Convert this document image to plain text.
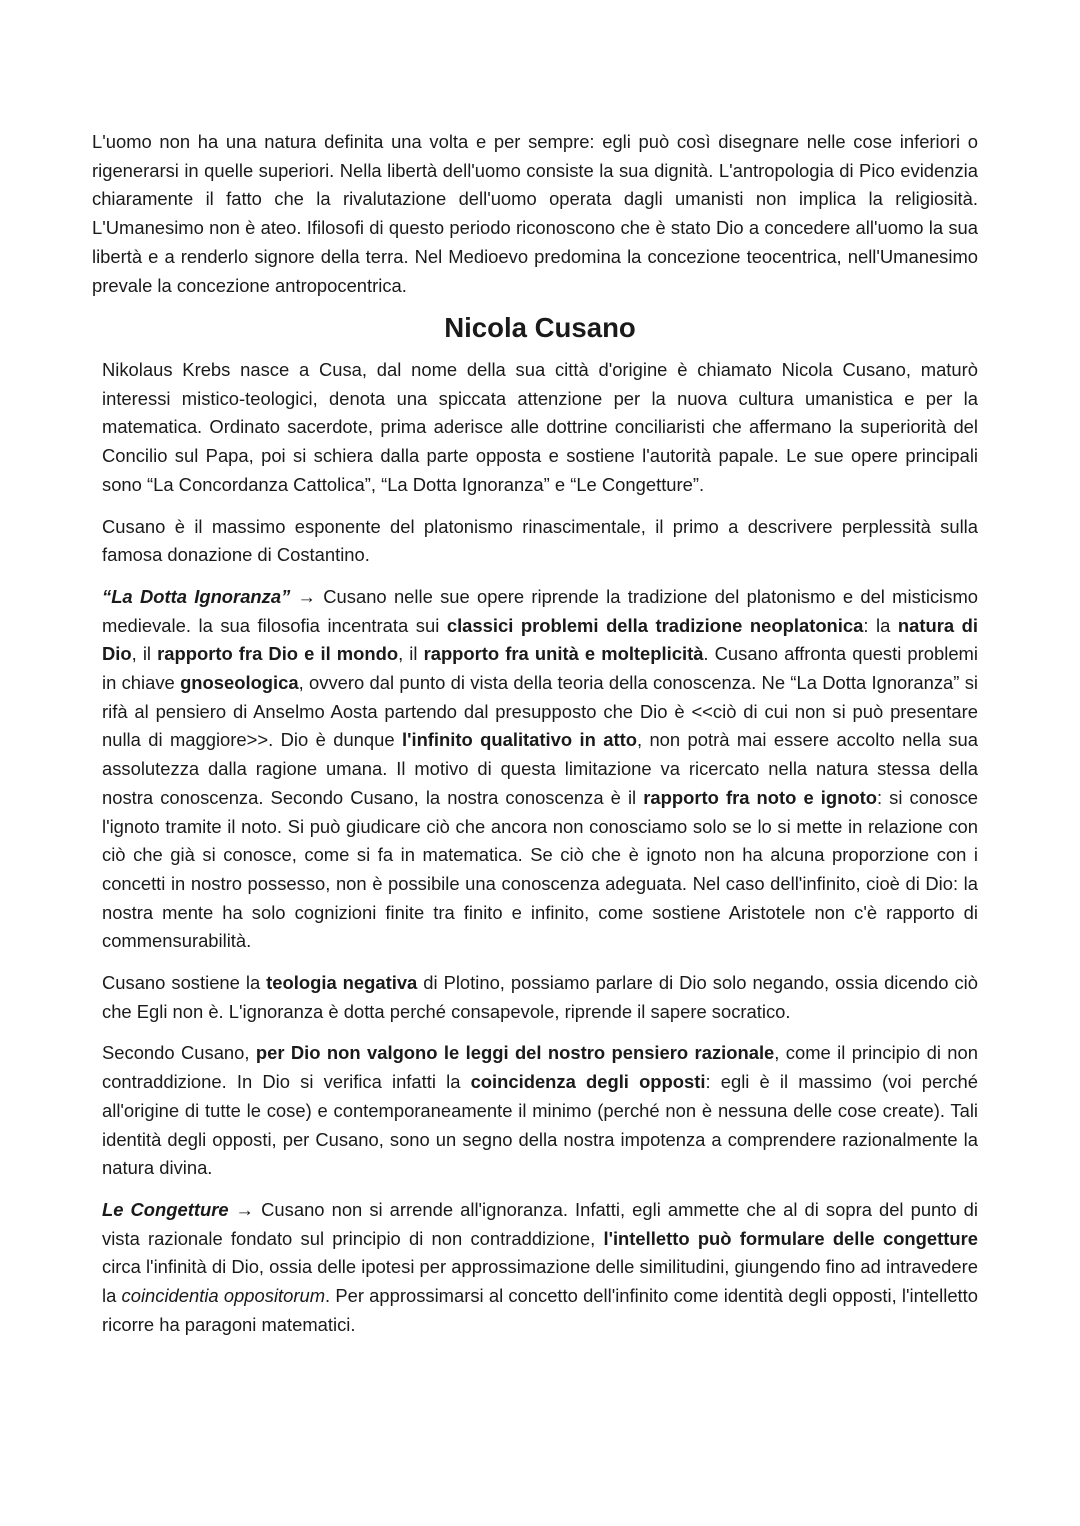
L'uomo non ha una natura definita una volta e per sempre: egli può così disegnare nelle cose inferiori o rigenerarsi in quelle superiori. Nella libertà dell'uomo consiste la sua dignità. L'antropologia di Pico evidenzia chiaramente il fatto che la rivalutazione dell'uomo operata dagli umanisti non implica la religiosità. L'Umanesimo non è ateo. Ifilosofi di questo periodo riconoscono che è stato Dio a concedere all'uomo la sua libertà e a renderlo signore della terra. Nel Medioevo predomina la concezione teocentrica, nell'Umanesimo prevale la concezione antropocentrica.

Nicola Cusano

Nikolaus Krebs nasce a Cusa, dal nome della sua città d'origine è chiamato Nicola Cusano, maturò interessi mistico-teologici, denota una spiccata attenzione per la nuova cultura umanistica e per la matematica. Ordinato sacerdote, prima aderisce alle dottrine conciliaristi che affermano la superiorità del Concilio sul Papa, poi si schiera dalla parte opposta e sostiene l'autorità papale. Le sue opere principali sono “La Concordanza Cattolica”, “La Dotta Ignoranza” e “Le Congetture”.

Cusano è il massimo esponente del platonismo rinascimentale, il primo a descrivere perplessità sulla famosa donazione di Costantino.

“La Dotta Ignoranza” → Cusano nelle sue opere riprende la tradizione del platonismo e del misticismo medievale. la sua filosofia incentrata sui classici problemi della tradizione neoplatonica: la natura di Dio, il rapporto fra Dio e il mondo, il rapporto fra unità e molteplicità. Cusano affronta questi problemi in chiave gnoseologica, ovvero dal punto di vista della teoria della conoscenza. Ne “La Dotta Ignoranza” si rifà al pensiero di Anselmo Aosta partendo dal presupposto che Dio è <<ciò di cui non si può presentare nulla di maggiore>>. Dio è dunque l'infinito qualitativo in atto, non potrà mai essere accolto nella sua assolutezza dalla ragione umana. Il motivo di questa limitazione va ricercato nella natura stessa della nostra conoscenza. Secondo Cusano, la nostra conoscenza è il rapporto fra noto e ignoto: si conosce l'ignoto tramite il noto. Si può giudicare ciò che ancora non conosciamo solo se lo si mette in relazione con ciò che già si conosce, come si fa in matematica. Se ciò che è ignoto non ha alcuna proporzione con i concetti in nostro possesso, non è possibile una conoscenza adeguata. Nel caso dell'infinito, cioè di Dio: la nostra mente ha solo cognizioni finite tra finito e infinito, come sostiene Aristotele non c'è rapporto di commensurabilità.

Cusano sostiene la teologia negativa di Plotino, possiamo parlare di Dio solo negando, ossia dicendo ciò che Egli non è. L'ignoranza è dotta perché consapevole, riprende il sapere socratico.

Secondo Cusano, per Dio non valgono le leggi del nostro pensiero razionale, come il principio di non contraddizione. In Dio si verifica infatti la coincidenza degli opposti: egli è il massimo (voi perché all'origine di tutte le cose) e contemporaneamente il minimo (perché non è nessuna delle cose create). Tali identità degli opposti, per Cusano, sono un segno della nostra impotenza a comprendere razionalmente la natura divina.

Le Congetture → Cusano non si arrende all'ignoranza. Infatti, egli ammette che al di sopra del punto di vista razionale fondato sul principio di non contraddizione, l'intelletto può formulare delle congetture circa l'infinità di Dio, ossia delle ipotesi per approssimazione delle similitudini, giungendo fino ad intravedere la coincidentia oppositorum. Per approssimarsi al concetto dell'infinito come identità degli opposti, l'intelletto ricorre ha paragoni matematici.
